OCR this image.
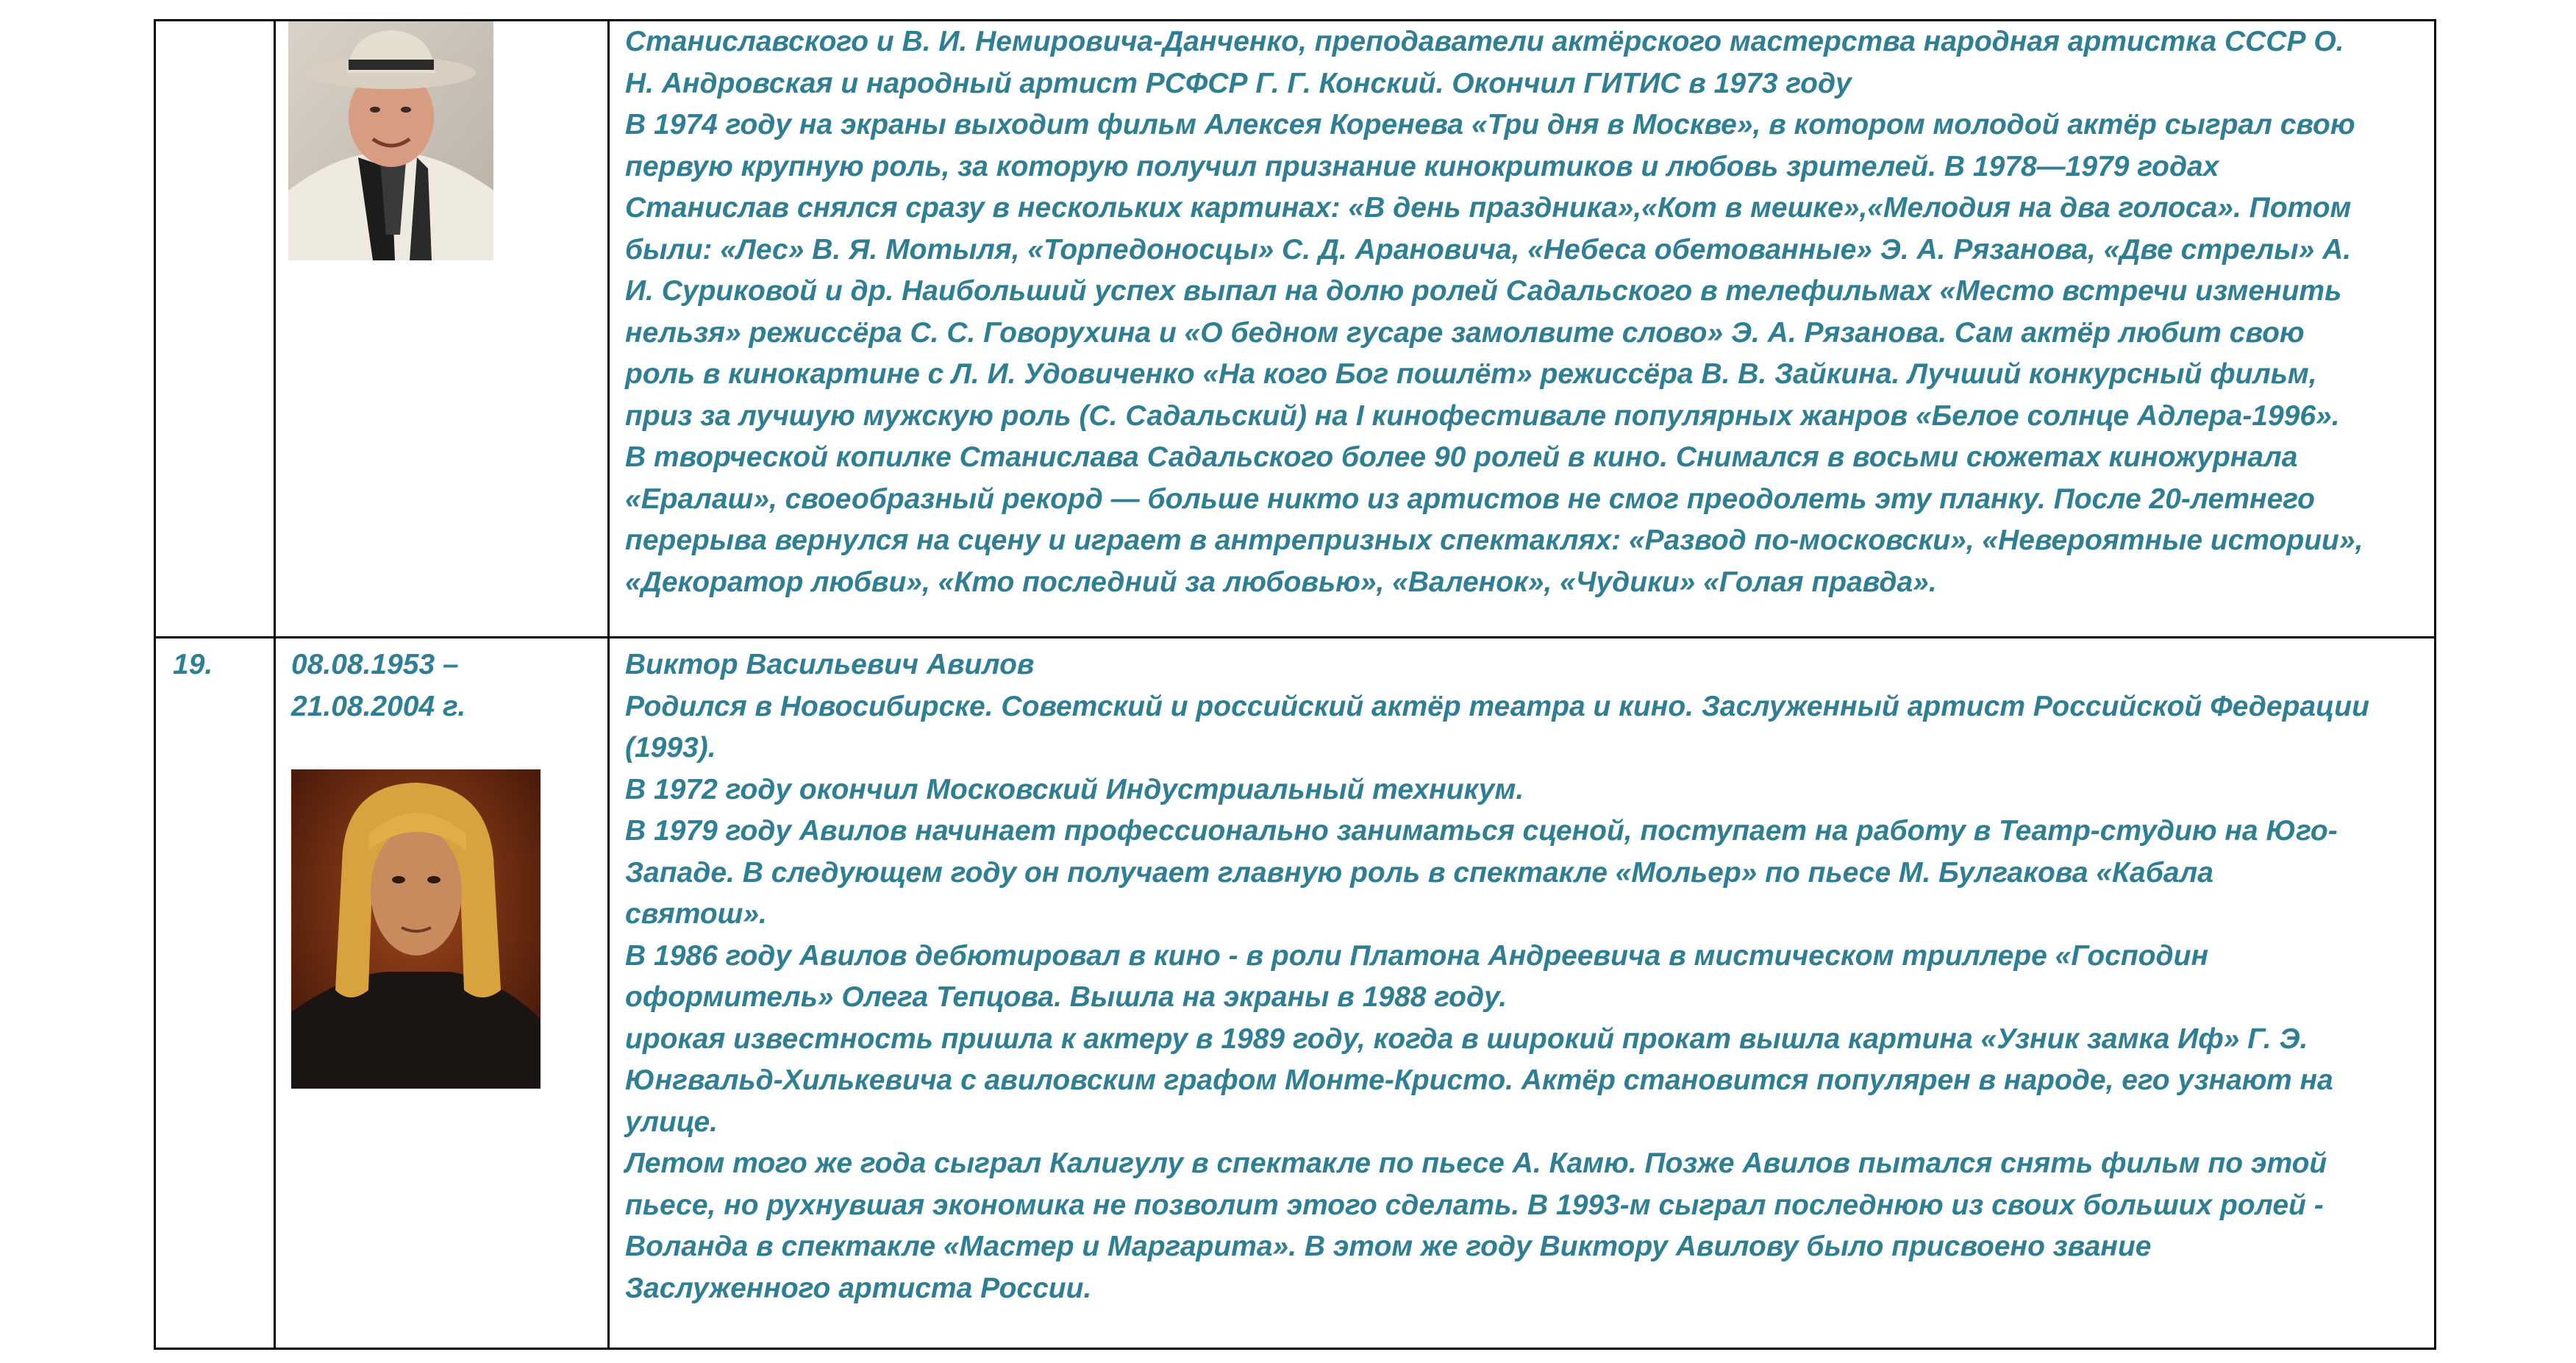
Станиславского и В. И. Немировича-Данченко, преподаватели актёрского мастерства народная артистка СССР О.
Н. Андровская и народный артист РСФСР Г. Г. Конский. Окончил ГИТИС в 1973 году
В 1974 году на экраны выходит фильм Алексея Коренева «Три дня в Москве», в котором молодой актёр сыграл свою
первую крупную роль, за которую получил признание кинокритиков и любовь зрителей. В 1978—1979 годах
Станислав снялся сразу в нескольких картинах: «В день праздника»,«Кот в мешке»,«Мелодия на два голоса». Потом
были: «Лес» В. Я. Мотыля, «Торпедоносцы» С. Д. Арановича, «Небеса обетованные» Э. А. Рязанова, «Две стрелы» А.
И. Суриковой и др. Наибольший успех выпал на долю ролей Садальского в телефильмах «Место встречи изменить
нельзя» режиссёра С. С. Говорухина и «О бедном гусаре замолвите слово» Э. А. Рязанова. Сам актёр любит свою
роль в кинокартине с Л. И. Удовиченко «На кого Бог пошлёт» режиссёра В. В. Зайкина. Лучший конкурсный фильм,
приз за лучшую мужскую роль (С. Садальский) на I кинофестивале популярных жанров «Белое солнце Адлера-1996».
В творческой копилке Станислава Садальского более 90 ролей в кино. Снимался в восьми сюжетах киножурнала
«Ералаш», своеобразный рекорд — больше никто из артистов не смог преодолеть эту планку. После 20-летнего
перерыва вернулся на сцену и играет в антрепризных спектаклях: «Развод по-московски», «Невероятные истории»,
«Декоратор любви», «Кто последний за любовью», «Валенок», «Чудики» «Голая правда».
19.	08.08.1953 –
21.08.2004 г.
Виктор Васильевич Авилов
Родился в Новосибирске. Советский и российский актёр театра и кино. Заслуженный артист Российской Федерации
(1993).
В 1972 году окончил Московский Индустриальный техникум.
В 1979 году Авилов начинает профессионально заниматься сценой, поступает на работу в Театр-студию на Юго-
Западе. В следующем году он получает главную роль в спектакле «Мольер» по пьесе М. Булгакова «Кабала
святош».
В 1986 году Авилов дебютировал в кино - в роли Платона Андреевича в мистическом триллере «Господин
оформитель» Олега Тепцова. Вышла на экраны в 1988 году.
ирокая известность пришла к актеру в 1989 году, когда в широкий прокат вышла картина «Узник замка Иф» Г. Э.
Юнгвальд-Хилькевича с авиловским графом Монте-Кристо. Актёр становится популярен в народе, его узнают на
улице.
Летом того же года сыграл Калигулу в спектакле по пьесе А. Камю. Позже Авилов пытался снять фильм по этой
пьесе, но рухнувшая экономика не позволит этого сделать. В 1993-м сыграл последнюю из своих больших ролей -
Воланда в спектакле «Мастер и Маргарита». В этом же году Виктору Авилову было присвоено звание
Заслуженного артиста России.
